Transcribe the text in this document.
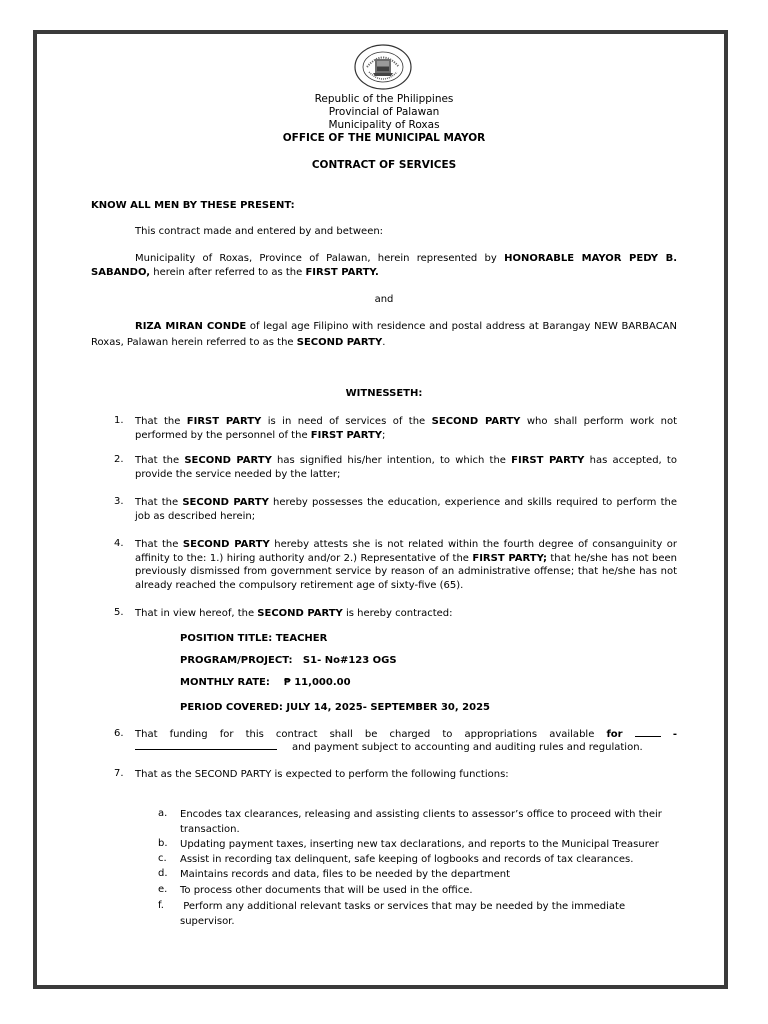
Republic of the Philippines
Provincial of Palawan
Municipality of Roxas
OFFICE OF THE MUNICIPAL MAYOR
CONTRACT OF SERVICES
KNOW ALL MEN BY THESE PRESENT:
This contract made and entered by and between:
Municipality of Roxas, Province of Palawan, herein represented by HONORABLE MAYOR PEDY B. SABANDO, herein after referred to as the FIRST PARTY.
and
RIZA MIRAN CONDE of legal age Filipino with residence and postal address at Barangay NEW BARBACAN Roxas, Palawan herein referred to as the SECOND PARTY.
WITNESSETH:
1. That the FIRST PARTY is in need of services of the SECOND PARTY who shall perform work not performed by the personnel of the FIRST PARTY;
2. That the SECOND PARTY has signified his/her intention, to which the FIRST PARTY has accepted, to provide the service needed by the latter;
3. That the SECOND PARTY hereby possesses the education, experience and skills required to perform the job as described herein;
4. That the SECOND PARTY hereby attests she is not related within the fourth degree of consanguinity or affinity to the: 1.) hiring authority and/or 2.) Representative of the FIRST PARTY; that he/she has not been previously dismissed from government service by reason of an administrative offense; that he/she has not already reached the compulsory retirement age of sixty-five (65).
5. That in view hereof, the SECOND PARTY is hereby contracted:
POSITION TITLE: TEACHER
PROGRAM/PROJECT:   S1- No#123 OGS
MONTHLY RATE:    ₱ 11,000.00
PERIOD COVERED: JULY 14, 2025- SEPTEMBER 30, 2025
6. That funding for this contract shall be charged to appropriations available for	-
and payment subject to accounting and auditing rules and regulation.
7. That as the SECOND PARTY is expected to perform the following functions:
a. Encodes tax clearances, releasing and assisting clients to assessor’s office to proceed with their transaction.
b. Updating payment taxes, inserting new tax declarations, and reports to the Municipal Treasurer
c. Assist in recording tax delinquent, safe keeping of logbooks and records of tax clearances.
d. Maintains records and data, files to be needed by the department
e. To process other documents that will be used in the office.
f. Perform any additional relevant tasks or services that may be needed by the immediate supervisor.
